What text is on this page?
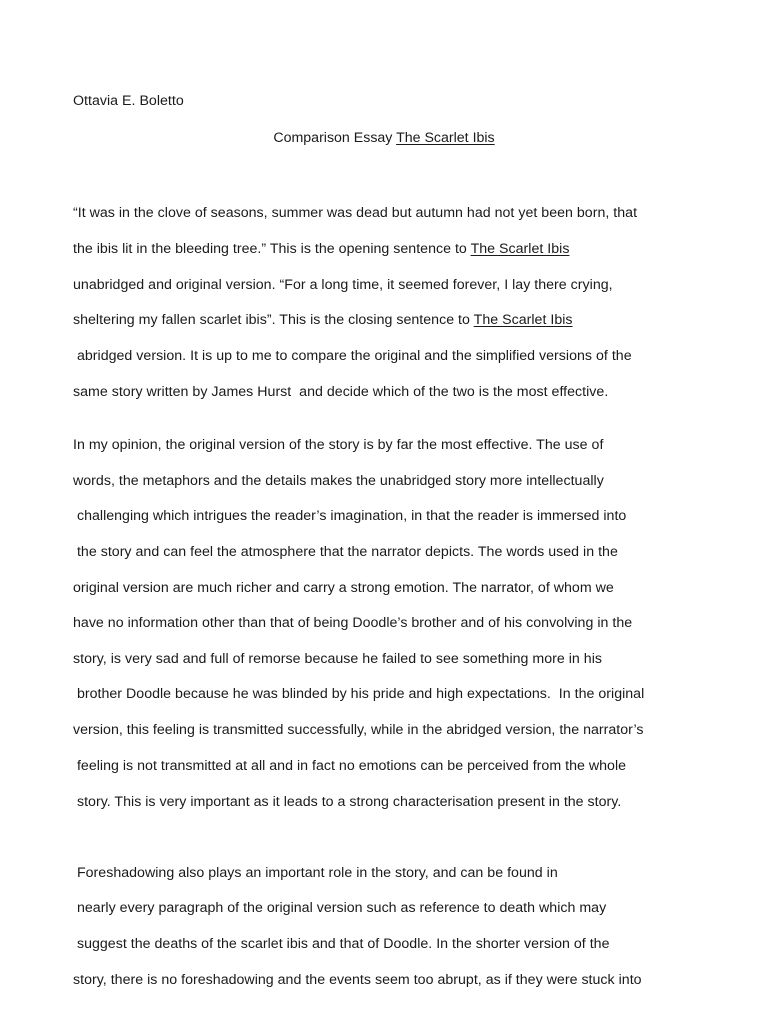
Ottavia E. Boletto
Comparison Essay The Scarlet Ibis
“It was in the clove of seasons, summer was dead but autumn had not yet been born, that
the ibis lit in the bleeding tree.” This is the opening sentence to The Scarlet Ibis
unabridged and original version. “For a long time, it seemed forever, I lay there crying,
sheltering my fallen scarlet ibis”. This is the closing sentence to The Scarlet Ibis
abridged version. It is up to me to compare the original and the simplified versions of the
same story written by James Hurst  and decide which of the two is the most effective.
In my opinion, the original version of the story is by far the most effective. The use of
words, the metaphors and the details makes the unabridged story more intellectually
challenging which intrigues the reader’s imagination, in that the reader is immersed into
the story and can feel the atmosphere that the narrator depicts. The words used in the
original version are much richer and carry a strong emotion. The narrator, of whom we
have no information other than that of being Doodle’s brother and of his convolving in the
story, is very sad and full of remorse because he failed to see something more in his
brother Doodle because he was blinded by his pride and high expectations.  In the original
version, this feeling is transmitted successfully, while in the abridged version, the narrator’s
feeling is not transmitted at all and in fact no emotions can be perceived from the whole
story. This is very important as it leads to a strong characterisation present in the story.
Foreshadowing also plays an important role in the story, and can be found in
nearly every paragraph of the original version such as reference to death which may
suggest the deaths of the scarlet ibis and that of Doodle. In the shorter version of the
story, there is no foreshadowing and the events seem too abrupt, as if they were stuck into
